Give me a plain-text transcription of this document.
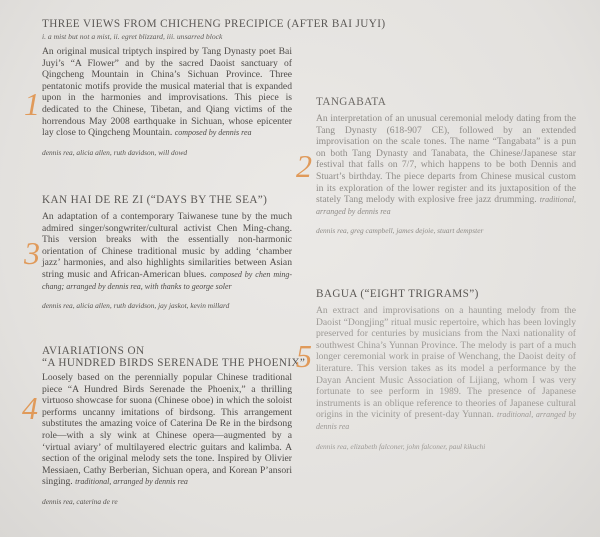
THREE VIEWS FROM CHICHENG PRECIPICE (AFTER BAI JUYI)
i. a mist but not a mist, ii. egret blizzard, iii. unsarred block

An original musical triptych inspired by Tang Dynasty poet Bai Juyi’s “A Flower” and by the sacred Daoist sanctuary of Qingcheng Mountain in China’s Sichuan Province. Three pentatonic motifs provide the musical material that is expanded upon in the harmonies and improvisations. This piece is dedicated to the Chinese, Tibetan, and Qiang victims of the horrendous May 2008 earthquake in Sichuan, whose epicenter lay close to Qingcheng Mountain. composed by dennis rea

dennis rea, alicia allen, ruth davidson, will dowd
1
KAN HAI DE RE ZI (“DAYS BY THE SEA”)

An adaptation of a contemporary Taiwanese tune by the much admired singer/songwriter/cultural activist Chen Ming-chang. This version breaks with the essentially non-harmonic orientation of Chinese traditional music by adding ‘chamber jazz’ harmonies, and also highlights similarities between Asian string music and African-American blues. composed by chen ming-chang; arranged by dennis rea, with thanks to george soler

dennis rea, alicia allen, ruth davidson, jay jaskot, kevin millard
3
AVIARIATIONS ON
“A HUNDRED BIRDS SERENADE THE PHOENIX”

Loosely based on the perennially popular Chinese traditional piece “A Hundred Birds Serenade the Phoenix,” a thrilling virtuoso showcase for suona (Chinese oboe) in which the soloist performs uncanny imitations of birdsong. This arrangement substitutes the amazing voice of Caterina De Re in the birdsong role—with a sly wink at Chinese opera—augmented by a ‘virtual aviary’ of multilayered electric guitars and kalimba. A section of the original melody sets the tone. Inspired by Olivier Messiaen, Cathy Berberian, Sichuan opera, and Korean P’ansori singing. traditional, arranged by dennis rea

dennis rea, caterina de re
4
TANGABATA

An interpretation of an unusual ceremonial melody dating from the Tang Dynasty (618-907 CE), followed by an extended improvisation on the scale tones. The name “Tangabata” is a pun on both Tang Dynasty and Tanabata, the Chinese/Japanese star festival that falls on 7/7, which happens to be both Dennis and Stuart’s birthday. The piece departs from Chinese musical custom in its exploration of the lower register and its juxtaposition of the stately Tang melody with explosive free jazz drumming. traditional, arranged by dennis rea

dennis rea, greg campbell, james dejoie, stuart dempster
2
BAGUA (“EIGHT TRIGRAMS”)

An extract and improvisations on a haunting melody from the Daoist “Dongjing” ritual music repertoire, which has been lovingly preserved for centuries by musicians from the Naxi nationality of southwest China’s Yunnan Province. The melody is part of a much longer ceremonial work in praise of Wenchang, the Daoist deity of literature. This version takes as its model a performance by the Dayan Ancient Music Association of Lijiang, whom I was very fortunate to see perform in 1989. The presence of Japanese instruments is an oblique reference to theories of Japanese cultural origins in the vicinity of present-day Yunnan. traditional, arranged by dennis rea

dennis rea, elizabeth falconer, john falconer, paul kikuchi
5
